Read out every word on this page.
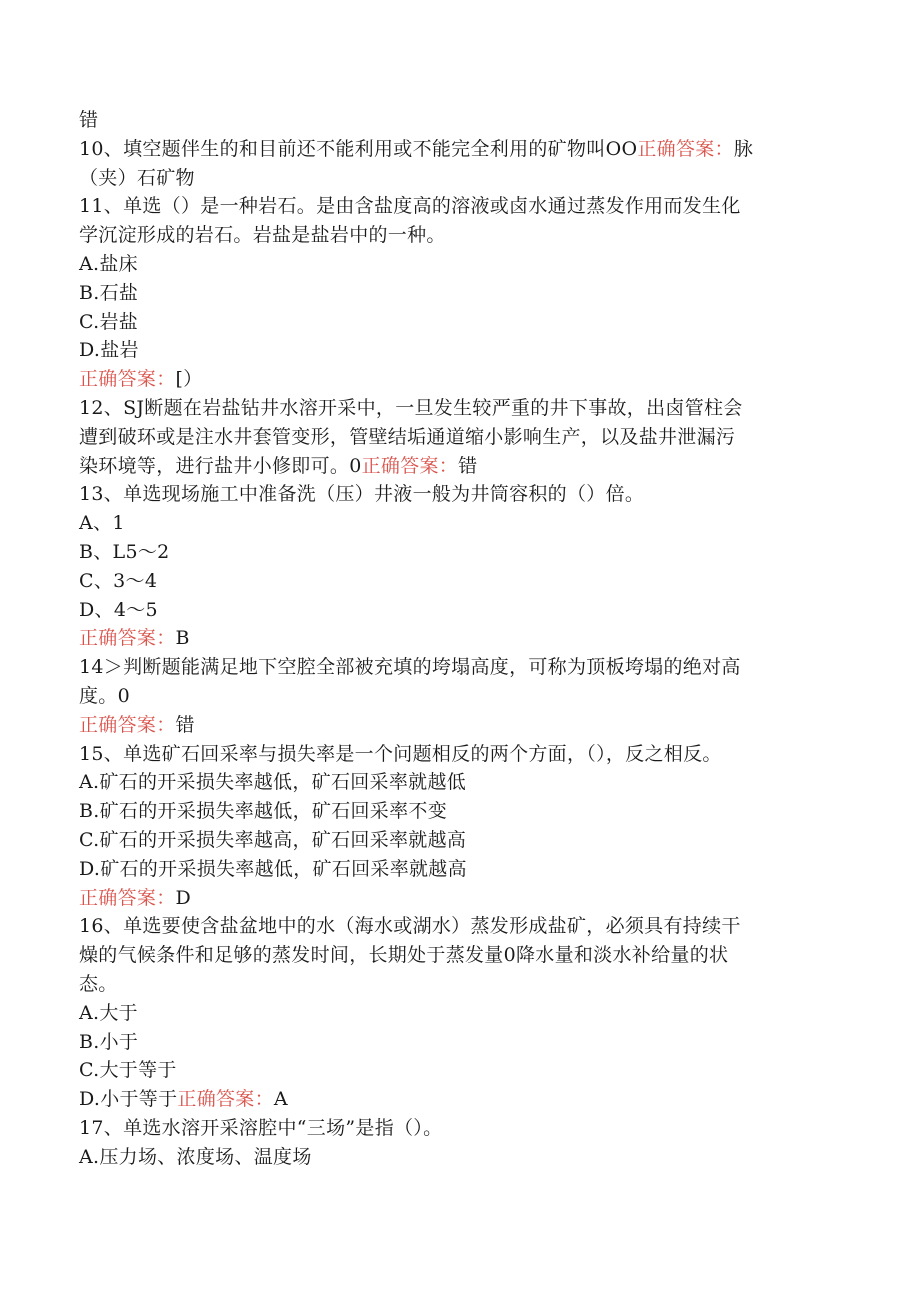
错
10、填空题伴生的和目前还不能利用或不能完全利用的矿物叫OO正确答案：脉
（夹）石矿物
11、单选（）是一种岩石。是由含盐度高的溶液或卤水通过蒸发作用而发生化
学沉淀形成的岩石。岩盐是盐岩中的一种。
A.盐床
B.石盐
C.岩盐
D.盐岩
正确答案：[）
12、SJ断题在岩盐钻井水溶开采中，一旦发生较严重的井下事故，出卤管柱会
遭到破环或是注水井套管变形，管壁结垢通道缩小影响生产，以及盐井泄漏污
染环境等，进行盐井小修即可。0正确答案：错
13、单选现场施工中准备洗（压）井液一般为井筒容积的（）倍。
A、1
B、L5～2
C、3～4
D、4～5
正确答案：B
14＞判断题能满足地下空腔全部被充填的垮塌高度，可称为顶板垮塌的绝对高
度。0
正确答案：错
15、单选矿石回采率与损失率是一个问题相反的两个方面，（），反之相反。
A.矿石的开采损失率越低，矿石回采率就越低
B.矿石的开采损失率越低，矿石回采率不变
C.矿石的开采损失率越高，矿石回采率就越高
D.矿石的开采损失率越低，矿石回采率就越高
正确答案：D
16、单选要使含盐盆地中的水（海水或湖水）蒸发形成盐矿，必须具有持续干
燥的气候条件和足够的蒸发时间，长期处于蒸发量0降水量和淡水补给量的状
态。
A.大于
B.小于
C.大于等于
D.小于等于正确答案：A
17、单选水溶开采溶腔中“三场”是指（）。
A.压力场、浓度场、温度场
